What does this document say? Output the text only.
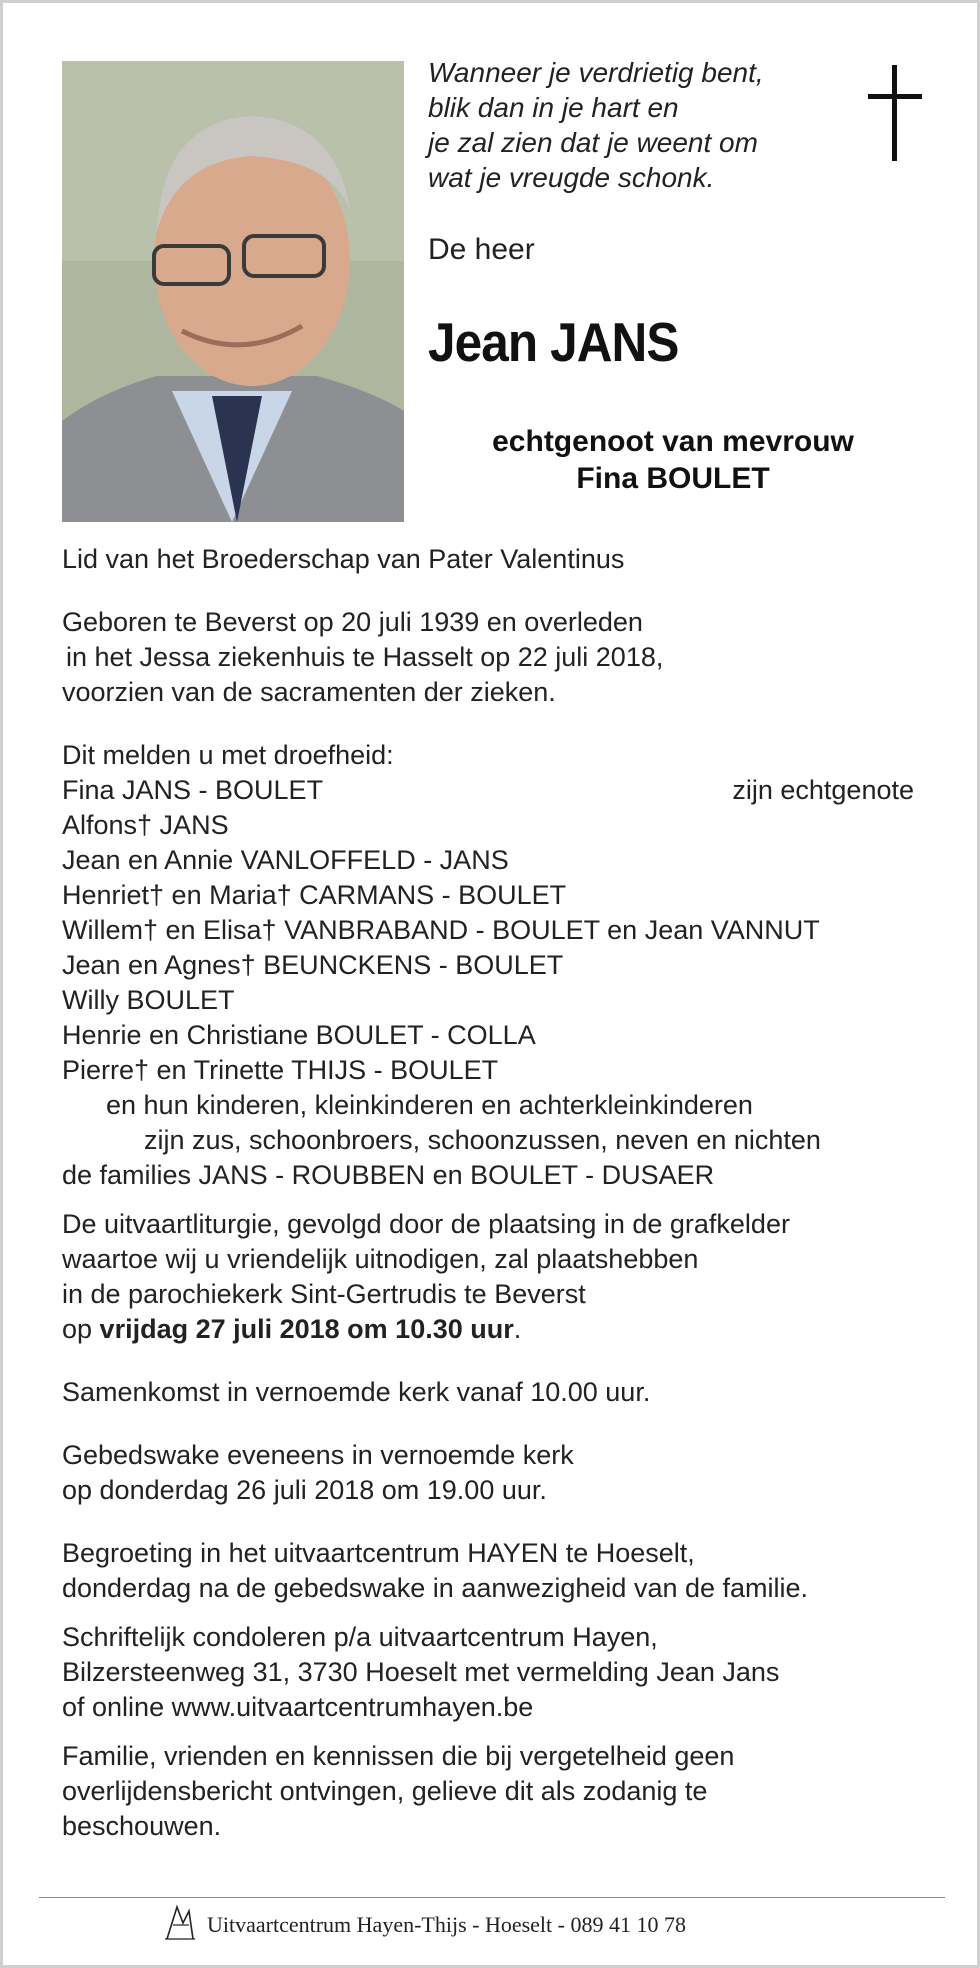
Wanneer je verdrietig bent,
blik dan in je hart en
je zal zien dat je weent om
wat je vreugde schonk.
De heer
Jean JANS
echtgenoot van mevrouw
Fina BOULET

Lid van het Broederschap van Pater Valentinus

Geboren te Beverst op 20 juli 1939 en overleden

in het Jessa ziekenhuis te Hasselt op 22 juli 2018,

voorzien van de sacramenten der zieken.

Dit melden u met droefheid:

Fina JANS - BOULET	zijn echtgenote

Alfons† JANS

Jean en Annie VANLOFFELD - JANS

Henriet† en Maria† CARMANS - BOULET

Willem† en Elisa† VANBRABAND - BOULET en Jean VANNUT

Jean en Agnes† BEUNCKENS - BOULET

Willy BOULET

Henrie en Christiane BOULET - COLLA

Pierre† en Trinette THIJS - BOULET

en hun kinderen, kleinkinderen en achterkleinkinderen

zijn zus, schoonbroers, schoonzussen, neven en nichten

de families JANS - ROUBBEN en BOULET - DUSAER

De uitvaartliturgie, gevolgd door de plaatsing in de grafkelder

waartoe wij u vriendelijk uitnodigen, zal plaatshebben

in de parochiekerk Sint-Gertrudis te Beverst

op vrijdag 27 juli 2018 om 10.30 uur.

Samenkomst in vernoemde kerk vanaf 10.00 uur.

Gebedswake eveneens in vernoemde kerk

op donderdag 26 juli 2018 om 19.00 uur.

Begroeting in het uitvaartcentrum HAYEN te Hoeselt,

donderdag na de gebedswake in aanwezigheid van de familie.

Schriftelijk condoleren p/a uitvaartcentrum Hayen,

Bilzersteenweg 31, 3730 Hoeselt met vermelding Jean Jans

of online www.uitvaartcentrumhayen.be

Familie, vrienden en kennissen die bij vergetelheid geen

overlijdensbericht ontvingen, gelieve dit als zodanig te

beschouwen.

Uitvaartcentrum Hayen-Thijs - Hoeselt - 089 41 10 78
